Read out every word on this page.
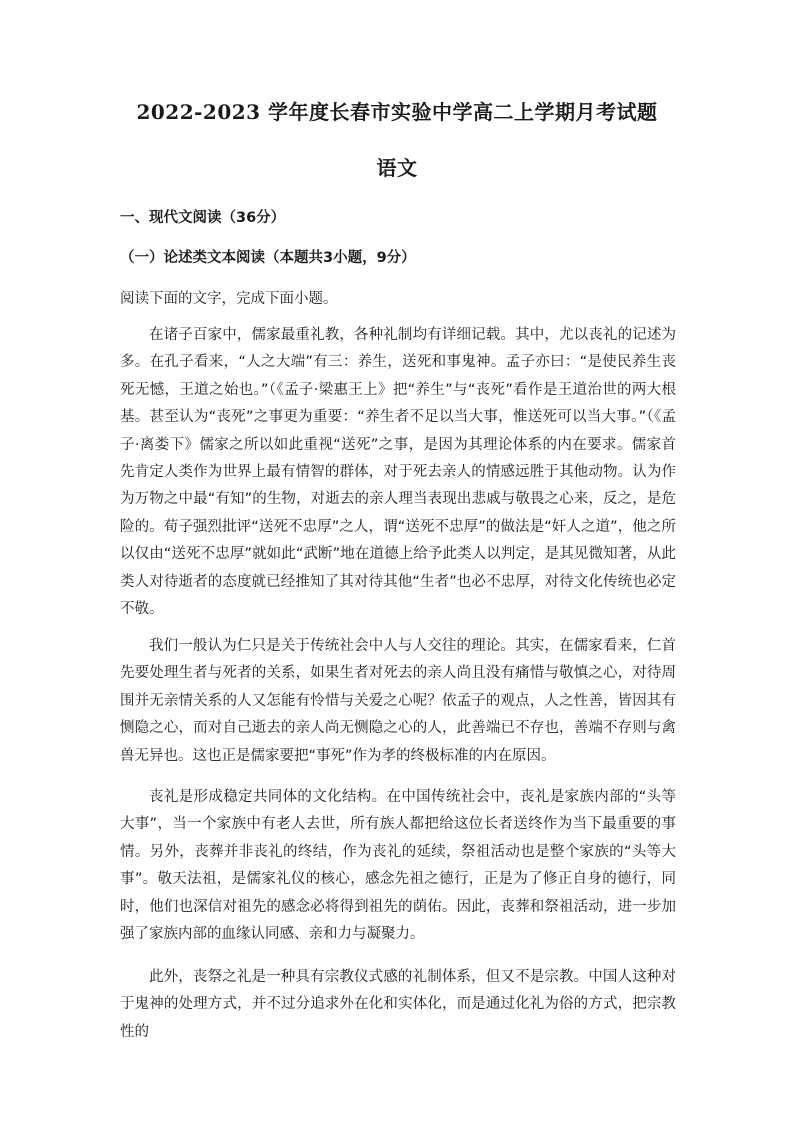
2022-2023 学年度长春市实验中学高二上学期月考试题
语文
一、现代文阅读（36分）
（一）论述类文本阅读（本题共3小题，9分）
阅读下面的文字，完成下面小题。

在诸子百家中，儒家最重礼教，各种礼制均有详细记载。其中，尤以丧礼的记述为多。在孔子看来，“人之大端”有三：养生，送死和事鬼神。孟子亦曰：“是使民养生丧死无憾，王道之始也。”（《孟子·梁惠王上》把“养生”与“丧死”看作是王道治世的两大根基。甚至认为“丧死”之事更为重要：“养生者不足以当大事，惟送死可以当大事。”（《孟子·离娄下》儒家之所以如此重视“送死”之事，是因为其理论体系的内在要求。儒家首先肯定人类作为世界上最有情智的群体，对于死去亲人的情感远胜于其他动物。认为作为万物之中最“有知”的生物，对逝去的亲人理当表现出悲戚与敬畏之心来，反之，是危险的。荀子强烈批评“送死不忠厚”之人，谓“送死不忠厚”的做法是“奸人之道”，他之所以仅由“送死不忠厚”就如此“武断”地在道德上给予此类人以判定，是其见微知著，从此类人对待逝者的态度就已经推知了其对待其他“生者”也必不忠厚，对待文化传统也必定不敬。

我们一般认为仁只是关于传统社会中人与人交往的理论。其实，在儒家看来，仁首先要处理生者与死者的关系，如果生者对死去的亲人尚且没有痛惜与敬慎之心，对待周围并无亲情关系的人又怎能有怜惜与关爱之心呢？依孟子的观点，人之性善，皆因其有恻隐之心，而对自己逝去的亲人尚无恻隐之心的人，此善端已不存也，善端不存则与禽兽无异也。这也正是儒家要把“事死”作为孝的终极标准的内在原因。

丧礼是形成稳定共同体的文化结构。在中国传统社会中，丧礼是家族内部的“头等大事”，当一个家族中有老人去世，所有族人都把给这位长者送终作为当下最重要的事情。另外，丧葬并非丧礼的终结，作为丧礼的延续，祭祖活动也是整个家族的“头等大事”。敬天法祖，是儒家礼仪的核心，感念先祖之德行，正是为了修正自身的德行，同时，他们也深信对祖先的感念必将得到祖先的荫佑。因此，丧葬和祭祖活动，进一步加强了家族内部的血缘认同感、亲和力与凝聚力。

此外，丧祭之礼是一种具有宗教仪式感的礼制体系，但又不是宗教。中国人这种对于鬼神的处理方式，并不过分追求外在化和实体化，而是通过化礼为俗的方式，把宗教性的
